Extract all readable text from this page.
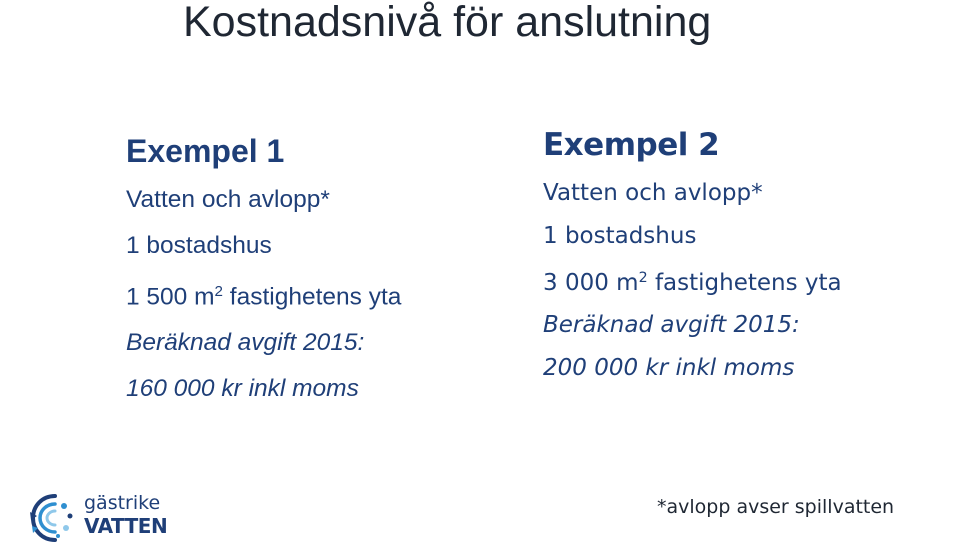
Kostnadsnivå för anslutning
Exempel 1
Vatten och avlopp*
1 bostadshus
1 500 $m^2$ fastighetens yta
Beräknad avgift 2015:
160 000 kr inkl moms
Exempel 2
Vatten och avlopp*
1 bostadshus
3 000 $m^2$ fastighetens yta
Beräknad avgift 2015:
200 000 kr inkl moms
gästrike
VATTEN
*avlopp avser spillvatten
